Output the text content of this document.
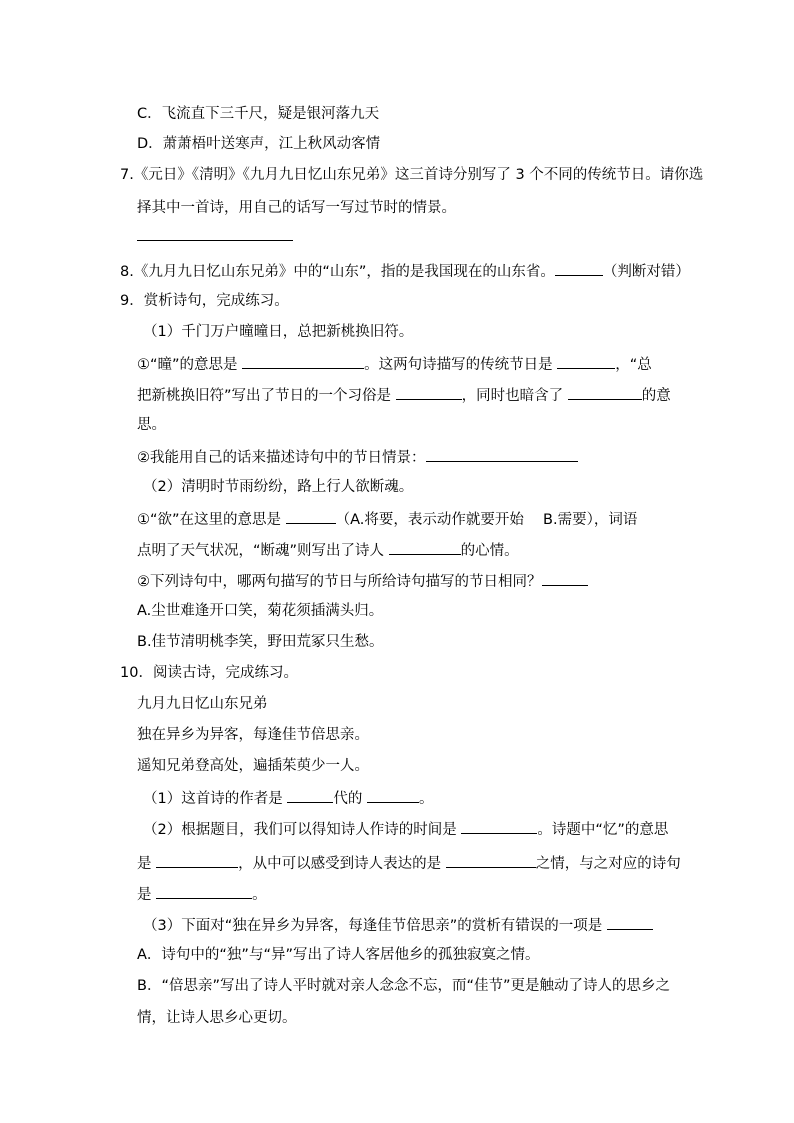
C．飞流直下三千尺，疑是银河落九天
D．萧萧梧叶送寒声，江上秋风动客情
7.《元日》《清明》《九月九日忆山东兄弟》这三首诗分别写了 3 个不同的传统节日。请你选
择其中一首诗，用自己的话写一写过节时的情景。
8.《九月九日忆山东兄弟》中的“山东”，指的是我国现在的山东省。	（判断对错）
9．赏析诗句，完成练习。
（1）千门万户曈曈日，总把新桃换旧符。
①“曈”的意思是	。这两句诗描写的传统节日是	，“总
把新桃换旧符”写出了节日的一个习俗是	，同时也暗含了	的意
思。
②我能用自己的话来描述诗句中的节日情景：
（2）清明时节雨纷纷，路上行人欲断魂。
①“欲”在这里的意思是	（A.将要，表示动作就要开始　 B.需要），词语
点明了天气状况，“断魂”则写出了诗人	的心情。
②下列诗句中，哪两句描写的节日与所给诗句描写的节日相同？
A.尘世难逢开口笑，菊花须插满头归。
B.佳节清明桃李笑，野田荒冢只生愁。
10．阅读古诗，完成练习。
九月九日忆山东兄弟
独在异乡为异客，每逢佳节倍思亲。
遥知兄弟登高处，遍插茱萸少一人。
（1）这首诗的作者是	代的	。
（2）根据题目，我们可以得知诗人作诗的时间是	。诗题中“忆”的意思
是	，从中可以感受到诗人表达的是	之情，与之对应的诗句
是	。
（3）下面对“独在异乡为异客，每逢佳节倍思亲”的赏析有错误的一项是
A．诗句中的“独”与“异”写出了诗人客居他乡的孤独寂寞之情。
B．“倍思亲”写出了诗人平时就对亲人念念不忘，而“佳节”更是触动了诗人的思乡之
情，让诗人思乡心更切。
